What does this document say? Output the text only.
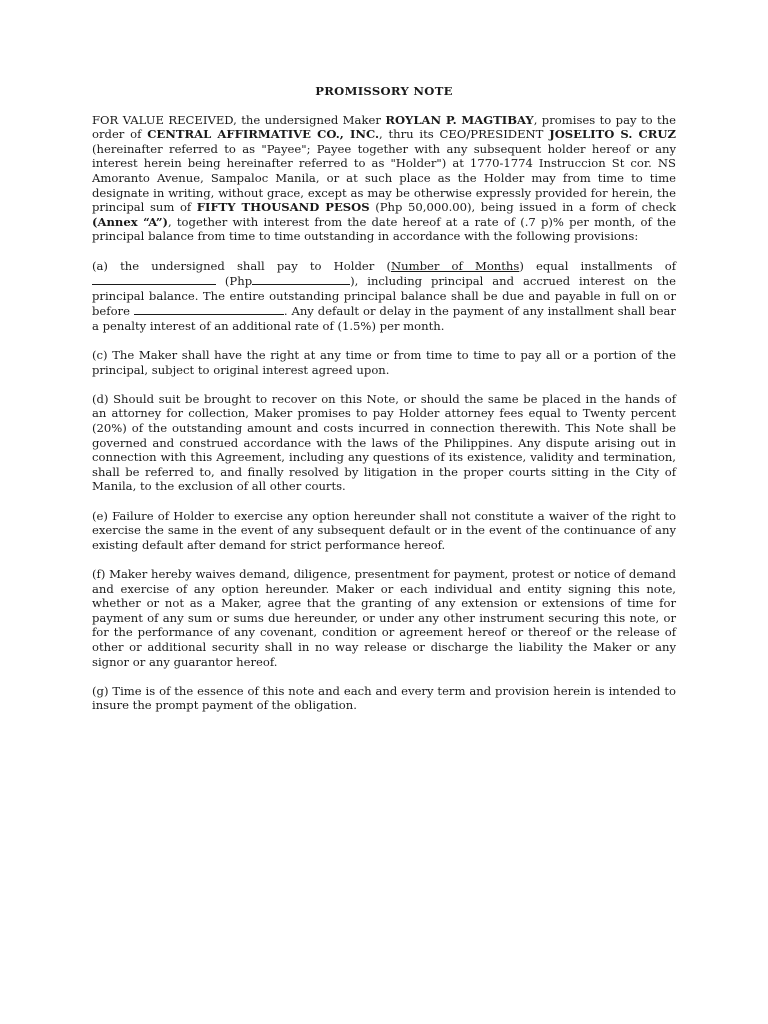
PROMISSORY NOTE

FOR VALUE RECEIVED, the undersigned Maker ROYLAN P. MAGTIBAY, promises to pay to the order of CENTRAL AFFIRMATIVE CO., INC., thru its CEO/PRESIDENT JOSELITO S. CRUZ (hereinafter referred to as "Payee"; Payee together with any subsequent holder hereof or any interest herein being hereinafter referred to as "Holder") at 1770-1774 Instruccion St cor. NS Amoranto Avenue, Sampaloc Manila, or at such place as the Holder may from time to time designate in writing, without grace, except as may be otherwise expressly provided for herein, the principal sum of FIFTY THOUSAND PESOS (Php 50,000.00), being issued in a form of check (Annex “A”), together with interest from the date hereof at a rate of (.7 p)% per month, of the principal balance from time to time outstanding in accordance with the following provisions:

(a) the undersigned shall pay to Holder (Number of Months) equal installments of  (Php	), including principal and accrued interest on the principal balance. The entire outstanding principal balance shall be due and payable in full on or before	. Any default or delay in the payment of any installment shall bear a penalty interest of an additional rate of (1.5%) per month.

(c) The Maker shall have the right at any time or from time to time to pay all or a portion of the principal, subject to original interest agreed upon.

(d) Should suit be brought to recover on this Note, or should the same be placed in the hands of an attorney for collection, Maker promises to pay Holder attorney fees equal to Twenty percent (20%) of the outstanding amount and costs incurred in connection therewith. This Note shall be governed and construed accordance with the laws of the Philippines. Any dispute arising out in connection with this Agreement, including any questions of its existence, validity and termination, shall be referred to, and finally resolved by litigation in the proper courts sitting in the City of Manila, to the exclusion of all other courts.

(e) Failure of Holder to exercise any option hereunder shall not constitute a waiver of the right to exercise the same in the event of any subsequent default or in the event of the continuance of any existing default after demand for strict performance hereof.

(f) Maker hereby waives demand, diligence, presentment for payment, protest or notice of demand and exercise of any option hereunder. Maker or each individual and entity signing this note, whether or not as a Maker, agree that the granting of any extension or extensions of time for payment of any sum or sums due hereunder, or under any other instrument securing this note, or for the performance of any covenant, condition or agreement hereof or thereof or the release of other or additional security shall in no way release or discharge the liability the Maker or any signor or any guarantor hereof.

(g) Time is of the essence of this note and each and every term and provision herein is intended to insure the prompt payment of the obligation.
